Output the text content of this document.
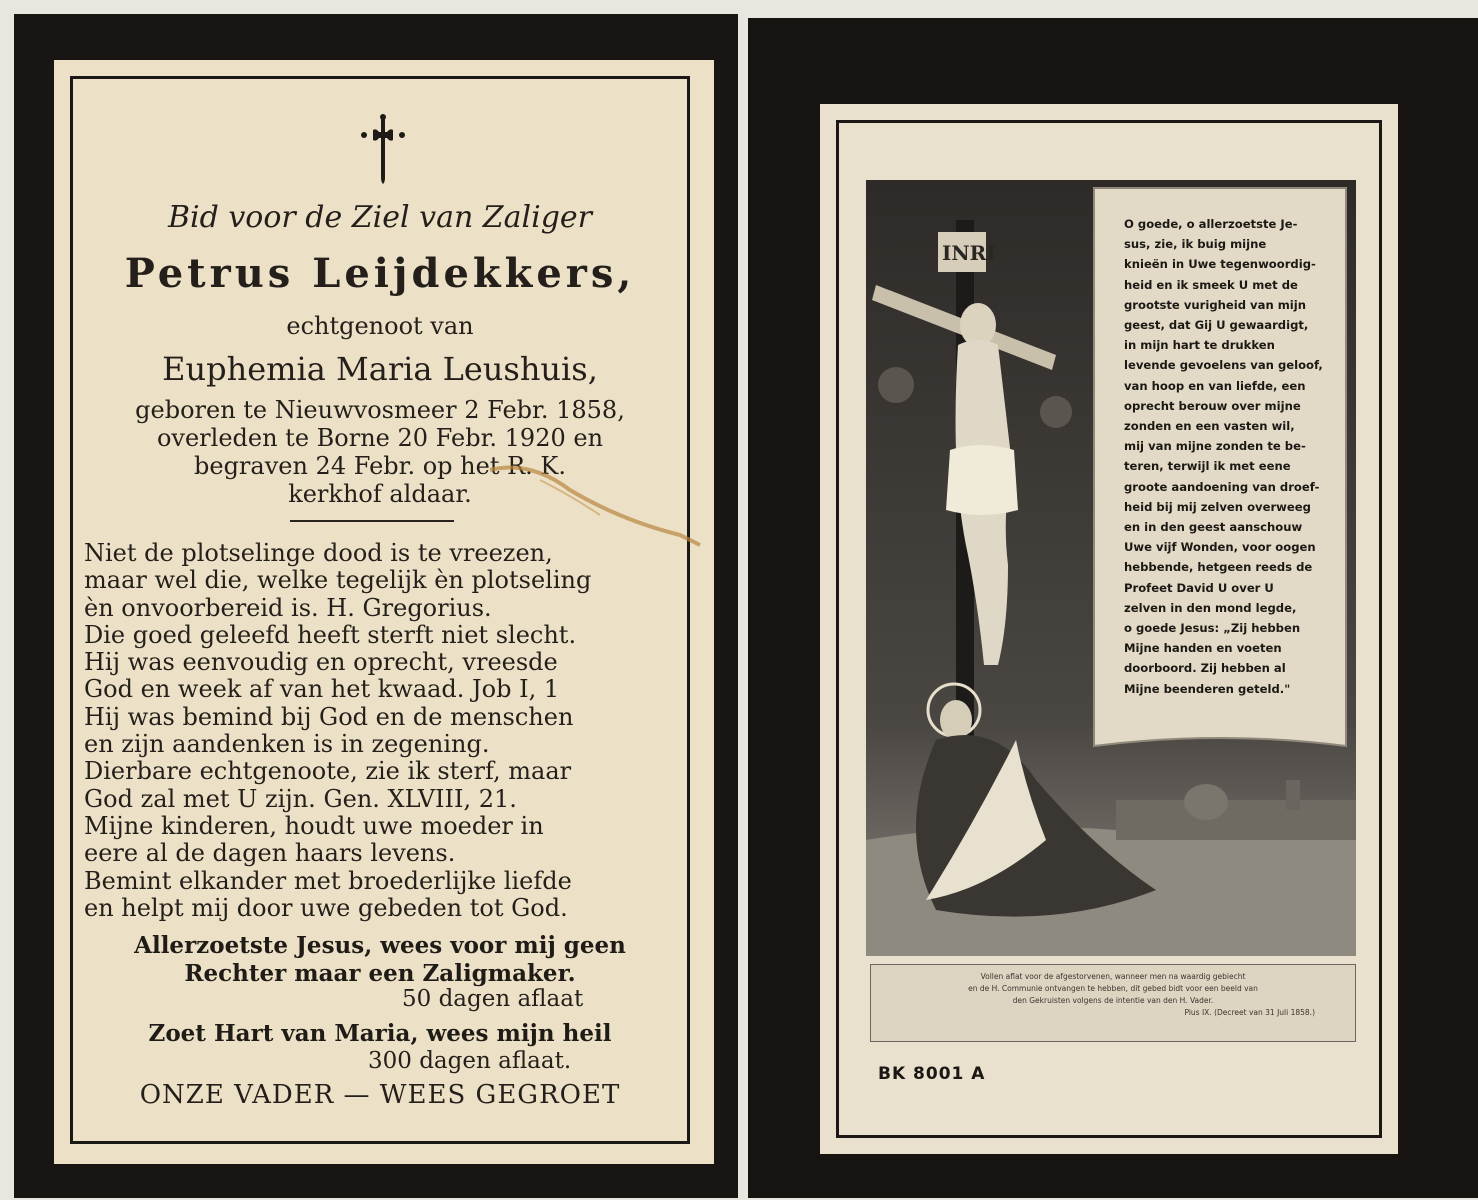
Bid voor de Ziel van Zaliger

Petrus Leijdekkers,

echtgenoot van

Euphemia Maria Leushuis,

geboren te Nieuwvosmeer 2 Febr. 1858,
overleden te Borne 20 Febr. 1920 en
begraven 24 Febr. op het R. K.
kerkhof aldaar.
Niet de plotselinge dood is te vreezen,
maar wel die, welke tegelijk èn plotseling
èn onvoorbereid is. H. Gregorius.
Die goed geleefd heeft sterft niet slecht.
Hij was eenvoudig en oprecht, vreesde
God en week af van het kwaad. Job I, 1
Hij was bemind bij God en de menschen
en zijn aandenken is in zegening.
Dierbare echtgenoote, zie ik sterf, maar
God zal met U zijn. Gen. XLVIII, 21.
Mijne kinderen, houdt uwe moeder in
eere al de dagen haars levens.
Bemint elkander met broederlijke liefde
en helpt mij door uwe gebeden tot God.
Allerzoetste Jesus, wees voor mij geen
Rechter maar een Zaligmaker.
50 dagen aflaat
Zoet Hart van Maria, wees mijn heil
300 dagen aflaat.
ONZE VADER — WEES GEGROET
INRI
O goede, o allerzoetste Je-
sus, zie, ik buig mijne
knieën in Uwe tegenwoordig-
heid en ik smeek U met de
grootste vurigheid van mijn
geest, dat Gij U gewaardigt,
in mijn hart te drukken
levende gevoelens van geloof,
van hoop en van liefde, een
oprecht berouw over mijne
zonden en een vasten wil,
mij van mijne zonden te be-
teren, terwijl ik met eene
groote aandoening van droef-
heid bij mij zelven overweeg
en in den geest aanschouw
Uwe vijf Wonden, voor oogen
hebbende, hetgeen reeds de
Profeet David U over U
zelven in den mond legde,
o goede Jesus: „Zij hebben
Mijne handen en voeten
doorboord. Zij hebben al
Mijne beenderen geteld."
Vollen aflat voor de afgestorvenen, wanneer men na waardig gebiecht
en de H. Communie ontvangen te hebben, dit gebed bidt voor een beeld van
den Gekruisten volgens de intentie van den H. Vader.
Pius IX. (Decreet van 31 Juli 1858.)
BK 8001 A
